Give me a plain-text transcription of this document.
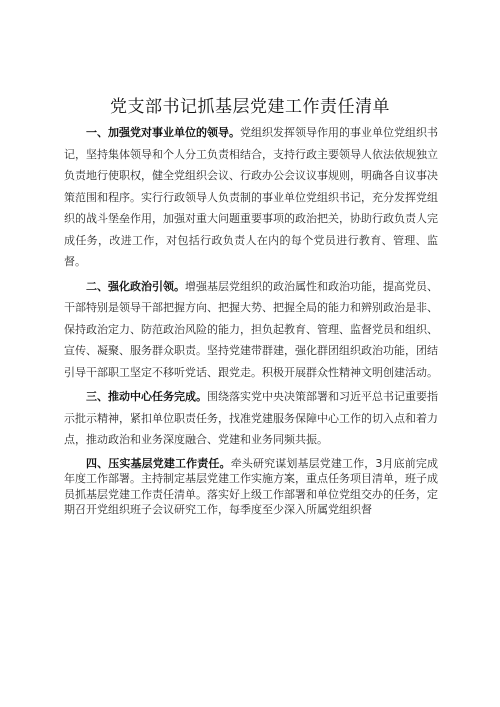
党支部书记抓基层党建工作责任清单

一、加强党对事业单位的领导。党组织发挥领导作用的事业单位党组织书记，坚持集体领导和个人分工负责相结合，支持行政主要领导人依法依规独立负责地行使职权，健全党组织会议、行政办公会议议事规则，明确各自议事决策范围和程序。实行行政领导人负责制的事业单位党组织书记，充分发挥党组织的战斗堡垒作用，加强对重大问题重要事项的政治把关，协助行政负责人完成任务，改进工作，对包括行政负责人在内的每个党员进行教育、管理、监督。

二、强化政治引领。增强基层党组织的政治属性和政治功能，提高党员、干部特别是领导干部把握方向、把握大势、把握全局的能力和辨别政治是非、保持政治定力、防范政治风险的能力，担负起教育、管理、监督党员和组织、宣传、凝聚、服务群众职责。坚持党建带群建，强化群团组织政治功能，团结引导干部职工坚定不移听党话、跟党走。积极开展群众性精神文明创建活动。

三、推动中心任务完成。围绕落实党中央决策部署和习近平总书记重要指示批示精神，紧扣单位职责任务，找准党建服务保障中心工作的切入点和着力点，推动政治和业务深度融合、党建和业务同频共振。

四、压实基层党建工作责任。牵头研究谋划基层党建工作，3月底前完成年度工作部署。主持制定基层党建工作实施方案，重点任务项目清单，班子成员抓基层党建工作责任清单。落实好上级工作部署和单位党组交办的任务，定期召开党组织班子会议研究工作，每季度至少深入所属党组织督
